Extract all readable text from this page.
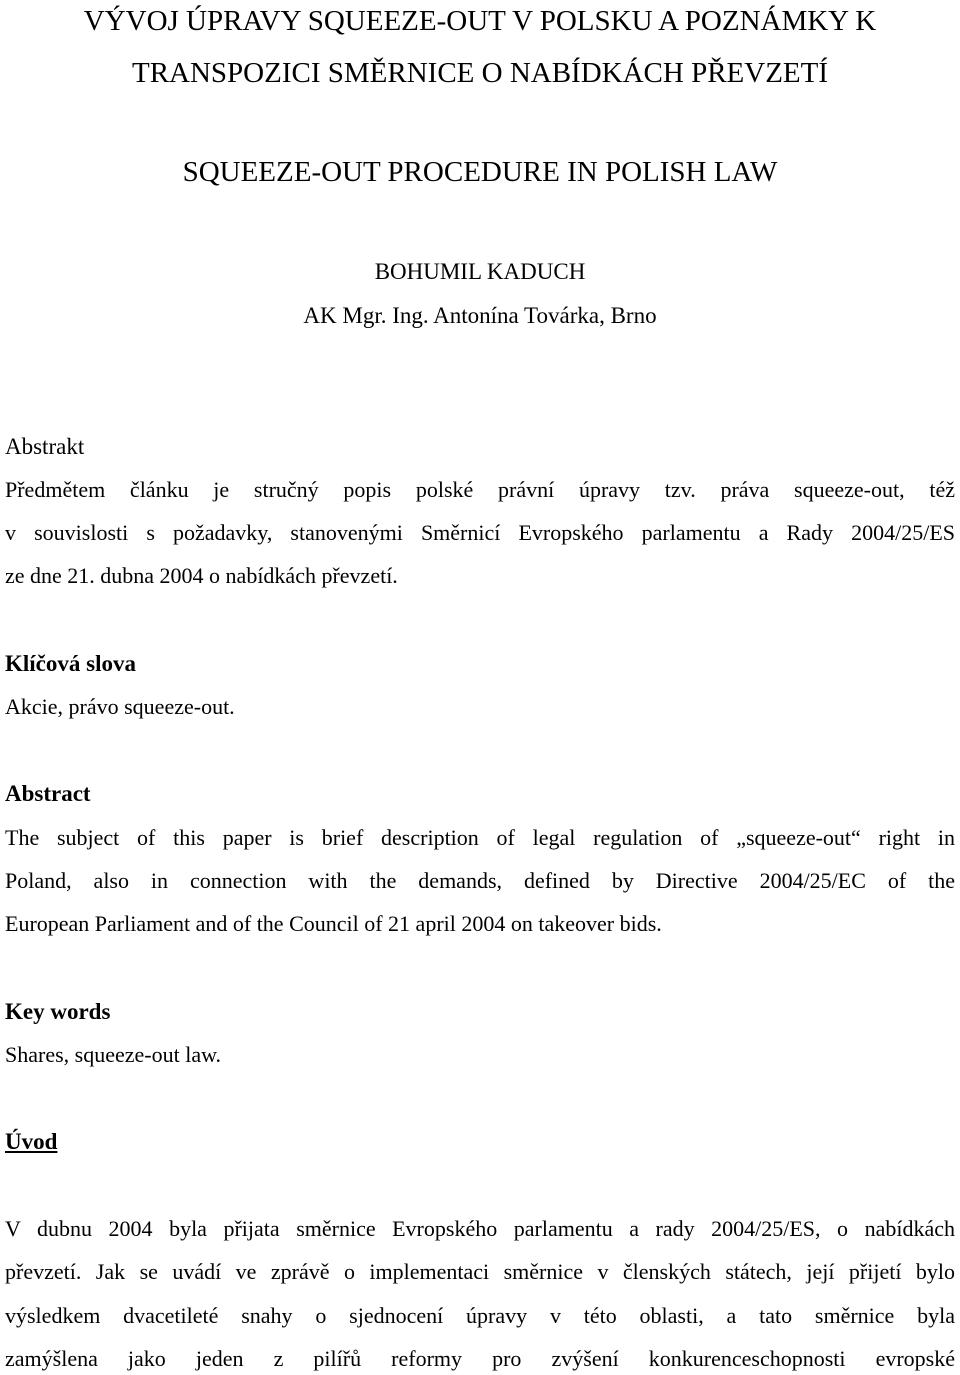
VÝVOJ ÚPRAVY SQUEEZE-OUT V POLSKU A POZNÁMKY K
TRANSPOZICI SMĚRNICE O NABÍDKÁCH PŘEVZETÍ
SQUEEZE-OUT PROCEDURE IN POLISH LAW
BOHUMIL KADUCH
AK Mgr. Ing. Antonína Továrka, Brno
Abstrakt
Předmětem článku je stručný popis polské právní úpravy tzv. práva squeeze-out, též
v souvislosti s požadavky, stanovenými Směrnicí Evropského parlamentu a Rady 2004/25/ES
ze dne 21. dubna 2004 o nabídkách převzetí.
Klíčová slova
Akcie, právo squeeze-out.
Abstract
The subject of this paper is brief description of legal regulation of „squeeze-out“ right in
Poland, also in connection with the demands, defined by Directive 2004/25/EC of the
European Parliament and of the Council of 21 april 2004 on takeover bids.
Key words
Shares, squeeze-out law.
Úvod
V dubnu 2004 byla přijata směrnice Evropského parlamentu a rady 2004/25/ES, o nabídkách
převzetí. Jak se uvádí ve zprávě o implementaci směrnice v členských státech, její přijetí bylo
výsledkem dvacetileté snahy o sjednocení úpravy v této oblasti, a tato směrnice byla
zamýšlena jako jeden z pilířů reformy pro zvýšení konkurenceschopnosti evropské
